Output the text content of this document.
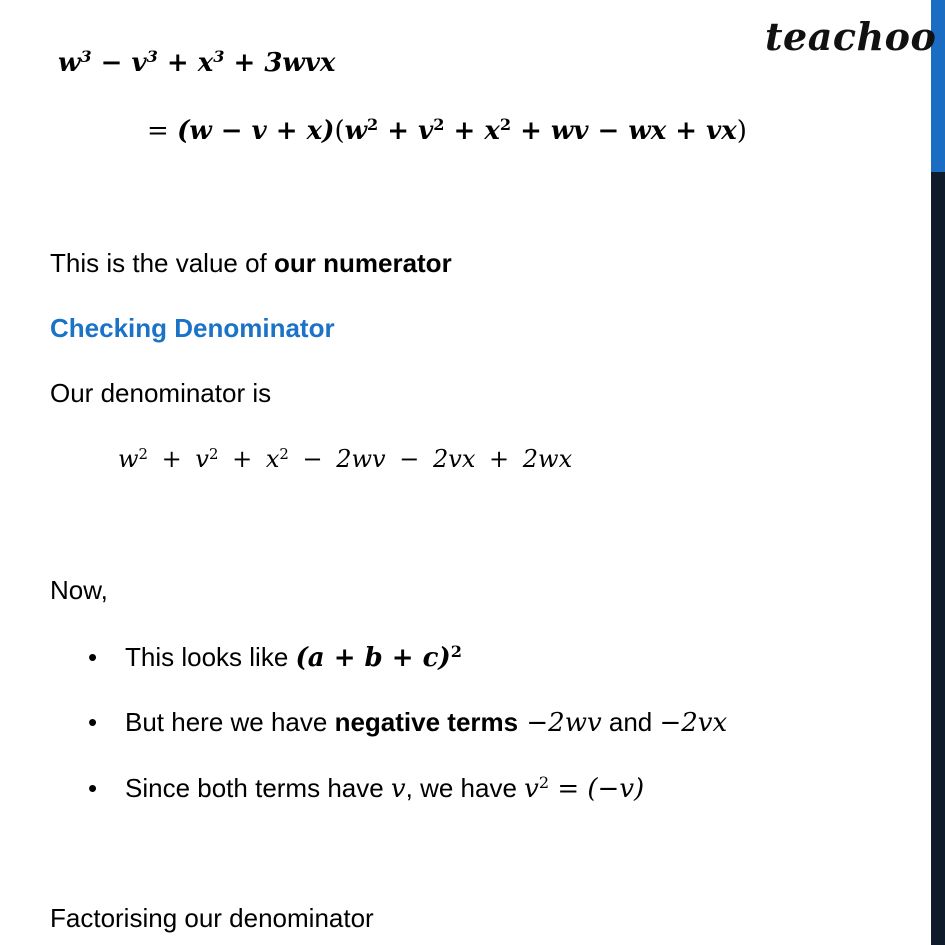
teachoo
$w^3 - v^3 + x^3 + 3wvx$
= $(w - v + x)(w^2 + v^2 + x^2$ + wv − wx + vx)
This is the value of our numerator
Checking Denominator
Our denominator is
$w^2 + v^2 + x^2 - 2wv - 2vx + 2wx$
Now,
• This looks like $(a + b + c)^2$
• But here we have negative terms −2wv and −2vx
• Since both terms have v, we have $v^2 = (-v)$
Factorising our denominator
